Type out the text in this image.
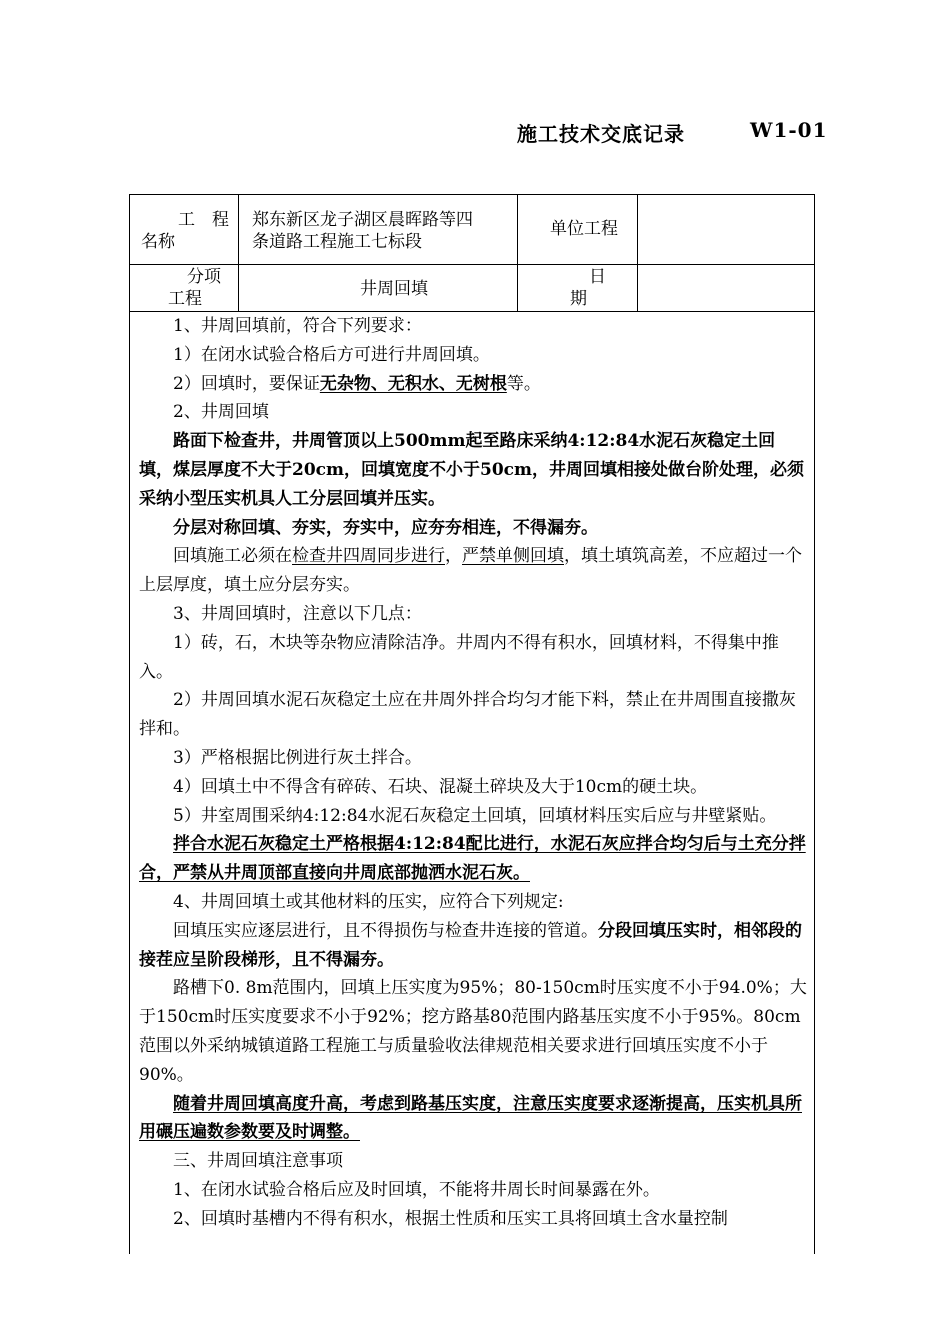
施工技术交底记录	W1-01
工　程
名称
郑东新区龙子湖区晨晖路等四
条道路工程施工七标段
单位工程
分项
工程	井周回填
日
期

1、井周回填前，符合下列要求：

1）在闭水试验合格后方可进行井周回填。

2）回填时，要保证无杂物、无积水、无树根等。

2、井周回填

路面下检查井，井周管顶以上500mm起至路床采纳4:12:84水泥石灰稳定土回填，煤层厚度不大于20cm，回填宽度不小于50cm，井周回填相接处做台阶处理，必须采纳小型压实机具人工分层回填并压实。

分层对称回填、夯实，夯实中，应夯夯相连，不得漏夯。

回填施工必须在检查井四周同步进行，严禁单侧回填，填土填筑高差，不应超过一个上层厚度，填土应分层夯实。

3、井周回填时，注意以下几点：

1）砖，石，木块等杂物应清除洁净。井周内不得有积水，回填材料，不得集中推入。

2）井周回填水泥石灰稳定土应在井周外拌合均匀才能下料，禁止在井周围直接撒灰拌和。

3）严格根据比例进行灰土拌合。

4）回填土中不得含有碎砖、石块、混凝土碎块及大于10cm的硬土块。

5）井室周围采纳4:12:84水泥石灰稳定土回填，回填材料压实后应与井壁紧贴。

拌合水泥石灰稳定土严格根据4:12:84配比进行，水泥石灰应拌合均匀后与土充分拌合，严禁从井周顶部直接向井周底部抛洒水泥石灰。

4、井周回填土或其他材料的压实，应符合下列规定:

回填压实应逐层进行，且不得损伤与检查井连接的管道。分段回填压实时，相邻段的接茬应呈阶段梯形，且不得漏夯。

路槽下0. 8m范围内，回填上压实度为95%；80-150cm时压实度不小于94.0%；大于150cm时压实度要求不小于92%；挖方路基80范围内路基压实度不小于95%。80cm范围以外采纳城镇道路工程施工与质量验收法律规范相关要求进行回填压实度不小于90%。

随着井周回填高度升高，考虑到路基压实度，注意压实度要求逐渐提高，压实机具所用碾压遍数参数要及时调整。

三、井周回填注意事项

1、在闭水试验合格后应及时回填，不能将井周长时间暴露在外。

2、回填时基槽内不得有积水，根据土性质和压实工具将回填土含水量控制
